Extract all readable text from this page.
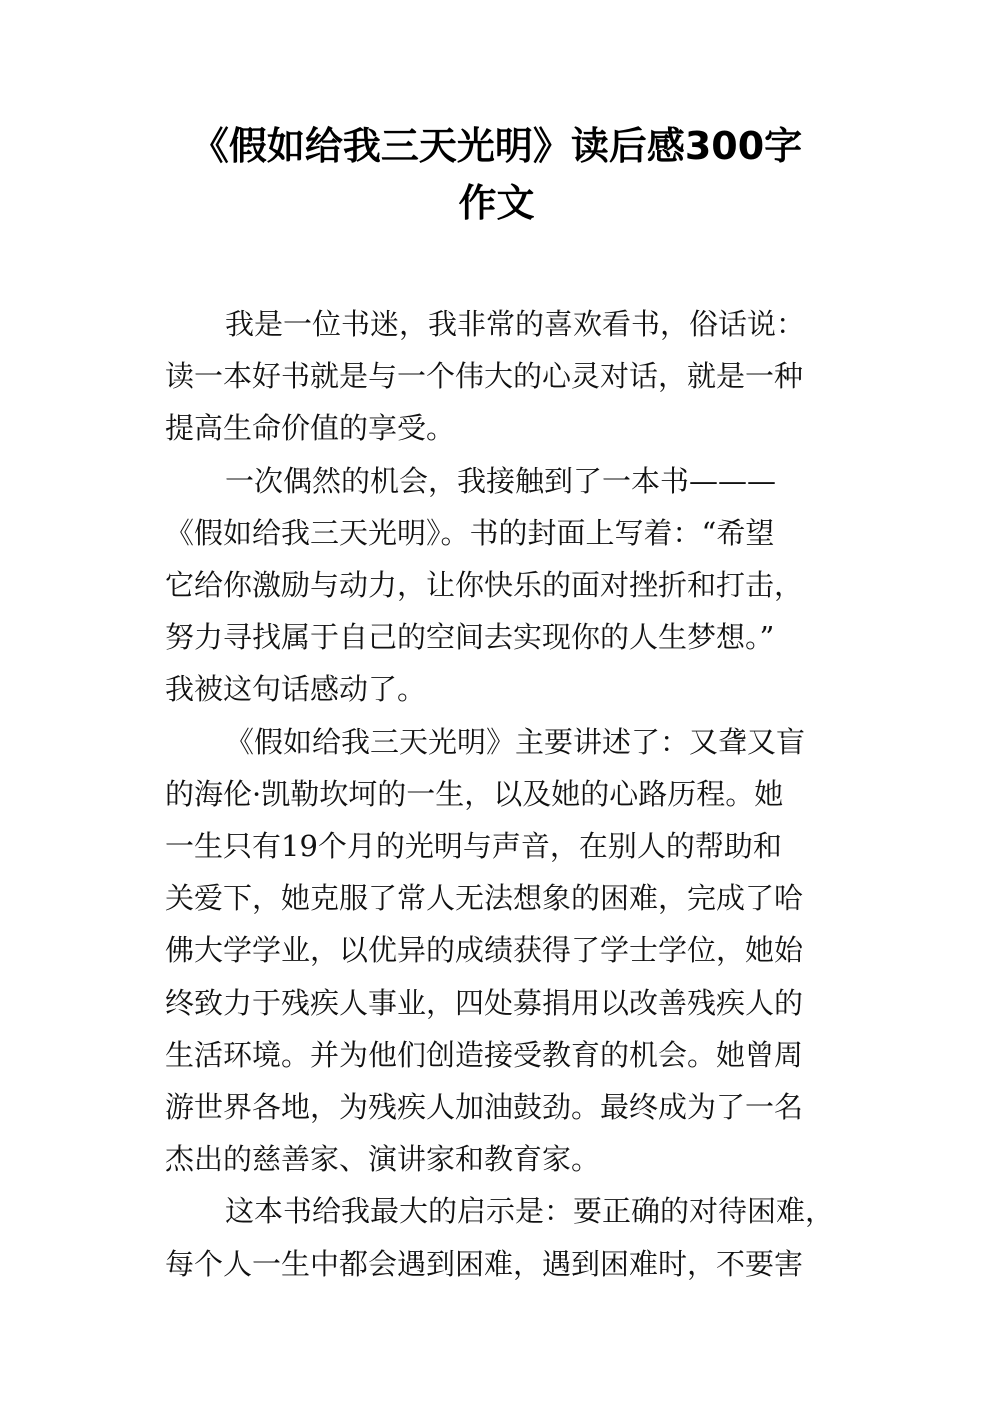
《假如给我三天光明》读后感300字
作文

我是一位书迷，我非常的喜欢看书，俗话说：
读一本好书就是与一个伟大的心灵对话，就是一种
提高生命价值的享受。

一次偶然的机会，我接触到了一本书———
《假如给我三天光明》。书的封面上写着：“希望
它给你激励与动力，让你快乐的面对挫折和打击，
努力寻找属于自己的空间去实现你的人生梦想。”
我被这句话感动了。

《假如给我三天光明》主要讲述了：又聋又盲
的海伦·凯勒坎坷的一生，以及她的心路历程。她
一生只有19个月的光明与声音，在别人的帮助和
关爱下，她克服了常人无法想象的困难，完成了哈
佛大学学业，以优异的成绩获得了学士学位，她始
终致力于残疾人事业，四处募捐用以改善残疾人的
生活环境。并为他们创造接受教育的机会。她曾周
游世界各地，为残疾人加油鼓劲。最终成为了一名
杰出的慈善家、演讲家和教育家。

这本书给我最大的启示是：要正确的对待困难，
每个人一生中都会遇到困难，遇到困难时，不要害
